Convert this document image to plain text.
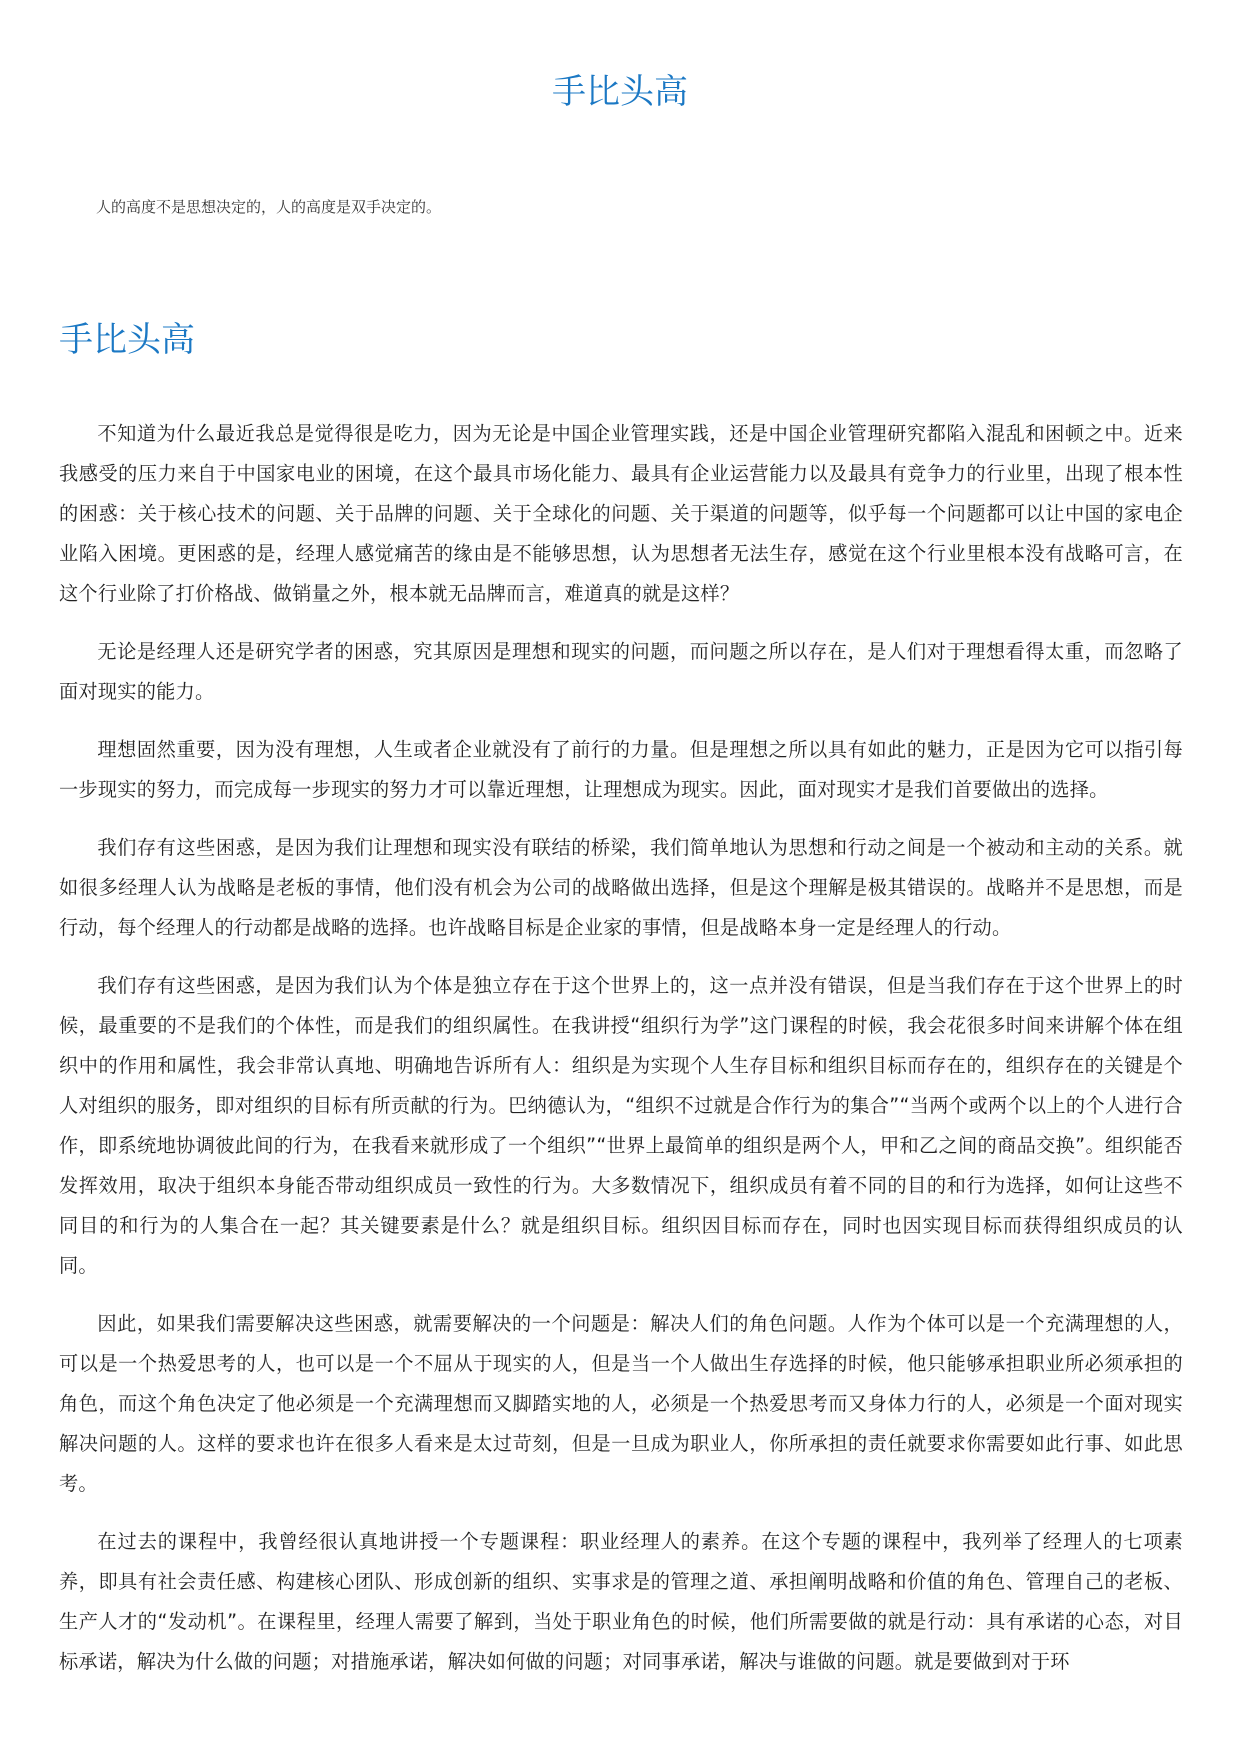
手比头高

人的高度不是思想决定的，人的高度是双手决定的。

手比头高

不知道为什么最近我总是觉得很是吃力，因为无论是中国企业管理实践，还是中国企业管理研究都陷入混乱和困顿之中。近来我感受的压力来自于中国家电业的困境，在这个最具市场化能力、最具有企业运营能力以及最具有竞争力的行业里，出现了根本性的困惑：关于核心技术的问题、关于品牌的问题、关于全球化的问题、关于渠道的问题等，似乎每一个问题都可以让中国的家电企业陷入困境。更困惑的是，经理人感觉痛苦的缘由是不能够思想，认为思想者无法生存，感觉在这个行业里根本没有战略可言，在这个行业除了打价格战、做销量之外，根本就无品牌而言，难道真的就是这样？

无论是经理人还是研究学者的困惑，究其原因是理想和现实的问题，而问题之所以存在，是人们对于理想看得太重，而忽略了面对现实的能力。

理想固然重要，因为没有理想，人生或者企业就没有了前行的力量。但是理想之所以具有如此的魅力，正是因为它可以指引每一步现实的努力，而完成每一步现实的努力才可以靠近理想，让理想成为现实。因此，面对现实才是我们首要做出的选择。

我们存有这些困惑，是因为我们让理想和现实没有联结的桥梁，我们简单地认为思想和行动之间是一个被动和主动的关系。就如很多经理人认为战略是老板的事情，他们没有机会为公司的战略做出选择，但是这个理解是极其错误的。战略并不是思想，而是行动，每个经理人的行动都是战略的选择。也许战略目标是企业家的事情，但是战略本身一定是经理人的行动。

我们存有这些困惑，是因为我们认为个体是独立存在于这个世界上的，这一点并没有错误，但是当我们存在于这个世界上的时候，最重要的不是我们的个体性，而是我们的组织属性。在我讲授“组织行为学”这门课程的时候，我会花很多时间来讲解个体在组织中的作用和属性，我会非常认真地、明确地告诉所有人：组织是为实现个人生存目标和组织目标而存在的，组织存在的关键是个人对组织的服务，即对组织的目标有所贡献的行为。巴纳德认为，“组织不过就是合作行为的集合”“当两个或两个以上的个人进行合作，即系统地协调彼此间的行为，在我看来就形成了一个组织”“世界上最简单的组织是两个人，甲和乙之间的商品交换”。组织能否发挥效用，取决于组织本身能否带动组织成员一致性的行为。大多数情况下，组织成员有着不同的目的和行为选择，如何让这些不同目的和行为的人集合在一起？其关键要素是什么？就是组织目标。组织因目标而存在，同时也因实现目标而获得组织成员的认同。

因此，如果我们需要解决这些困惑，就需要解决的一个问题是：解决人们的角色问题。人作为个体可以是一个充满理想的人，可以是一个热爱思考的人，也可以是一个不屈从于现实的人，但是当一个人做出生存选择的时候，他只能够承担职业所必须承担的角色，而这个角色决定了他必须是一个充满理想而又脚踏实地的人，必须是一个热爱思考而又身体力行的人，必须是一个面对现实解决问题的人。这样的要求也许在很多人看来是太过苛刻，但是一旦成为职业人，你所承担的责任就要求你需要如此行事、如此思考。

在过去的课程中，我曾经很认真地讲授一个专题课程：职业经理人的素养。在这个专题的课程中，我列举了经理人的七项素养，即具有社会责任感、构建核心团队、形成创新的组织、实事求是的管理之道、承担阐明战略和价值的角色、管理自己的老板、生产人才的“发动机”。在课程里，经理人需要了解到，当处于职业角色的时候，他们所需要做的就是行动：具有承诺的心态，对目标承诺，解决为什么做的问题；对措施承诺，解决如何做的问题；对同事承诺，解决与谁做的问题。就是要做到对于环
